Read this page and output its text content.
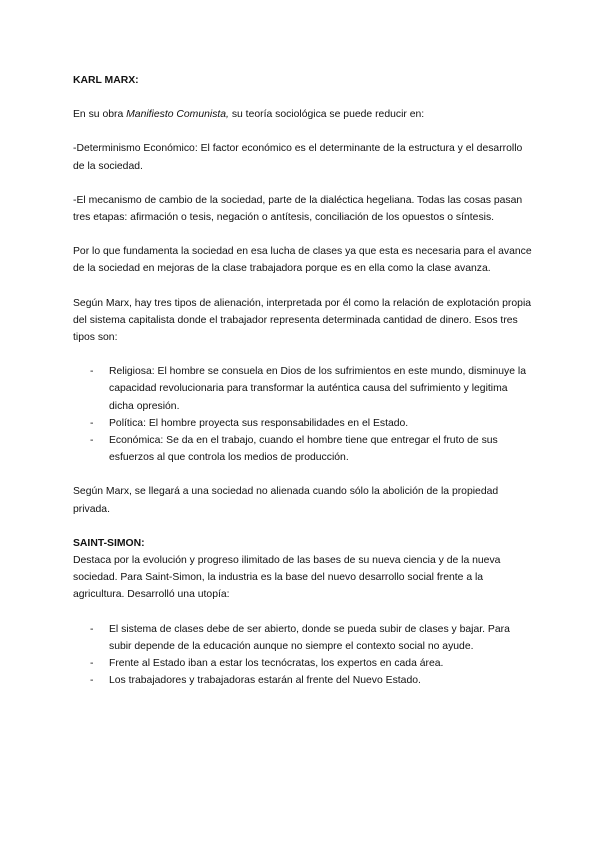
KARL MARX:

En su obra Manifiesto Comunista, su teoría sociológica se puede reducir en:

-Determinismo Económico: El factor económico es el determinante de la estructura y el desarrollo de la sociedad.

-El mecanismo de cambio de la sociedad, parte de la dialéctica hegeliana. Todas las cosas pasan tres etapas: afirmación o tesis, negación o antítesis, conciliación de los opuestos o síntesis.

Por lo que fundamenta la sociedad en esa lucha de clases ya que esta es necesaria para el avance de la sociedad en mejoras de la clase trabajadora porque es en ella como la clase avanza.

Según Marx, hay tres tipos de alienación, interpretada por él como la relación de explotación propia del sistema capitalista donde el trabajador representa determinada cantidad de dinero. Esos tres tipos son:

- Religiosa: El hombre se consuela en Dios de los sufrimientos en este mundo, disminuye la capacidad revolucionaria para transformar la auténtica causa del sufrimiento y legitima dicha opresión.
- Política: El hombre proyecta sus responsabilidades en el Estado.
- Económica: Se da en el trabajo, cuando el hombre tiene que entregar el fruto de sus esfuerzos al que controla los medios de producción.

Según Marx, se llegará a una sociedad no alienada cuando sólo la abolición de la propiedad privada.

SAINT-SIMON:

Destaca por la evolución y progreso ilimitado de las bases de su nueva ciencia y de la nueva sociedad. Para Saint-Simon, la industria es la base del nuevo desarrollo social frente a la agricultura. Desarrolló una utopía:

- El sistema de clases debe de ser abierto, donde se pueda subir de clases y bajar. Para subir depende de la educación aunque no siempre el contexto social no ayude.
- Frente al Estado iban a estar los tecnócratas, los expertos en cada área.
- Los trabajadores y trabajadoras estarán al frente del Nuevo Estado.
